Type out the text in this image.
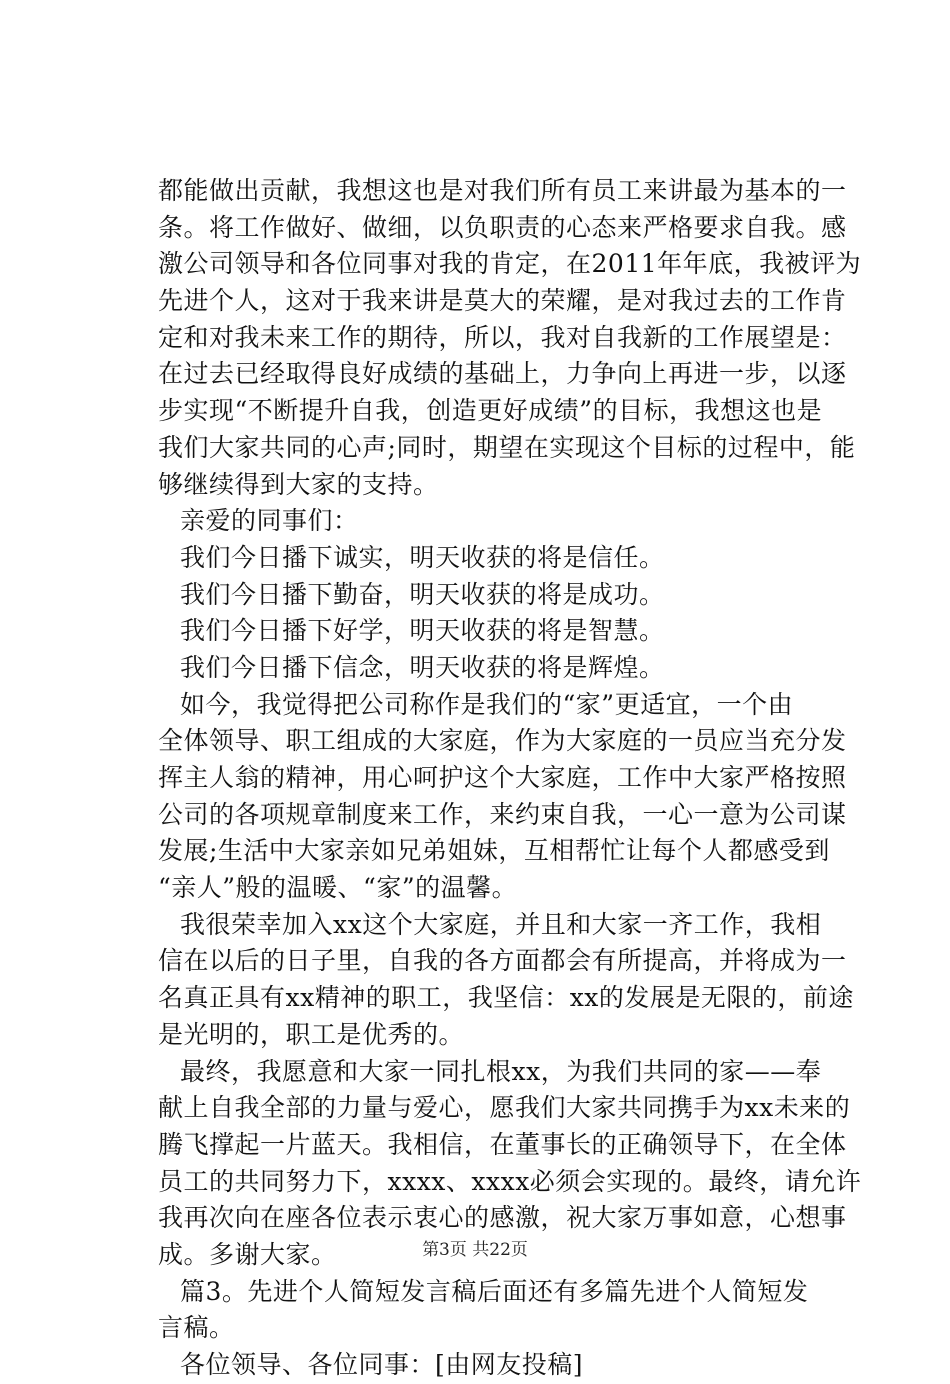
都能做出贡献，我想这也是对我们所有员工来讲最为基本的一
条。将工作做好、做细，以负职责的心态来严格要求自我。感
激公司领导和各位同事对我的肯定，在2011年年底，我被评为
先进个人，这对于我来讲是莫大的荣耀，是对我过去的工作肯
定和对我未来工作的期待，所以，我对自我新的工作展望是：
在过去已经取得良好成绩的基础上，力争向上再进一步，以逐
步实现“不断提升自我，创造更好成绩”的目标，我想这也是
我们大家共同的心声;同时，期望在实现这个目标的过程中，能
够继续得到大家的支持。
亲爱的同事们：
我们今日播下诚实，明天收获的将是信任。
我们今日播下勤奋，明天收获的将是成功。
我们今日播下好学，明天收获的将是智慧。
我们今日播下信念，明天收获的将是辉煌。
如今，我觉得把公司称作是我们的“家”更适宜，一个由
全体领导、职工组成的大家庭，作为大家庭的一员应当充分发
挥主人翁的精神，用心呵护这个大家庭，工作中大家严格按照
公司的各项规章制度来工作，来约束自我，一心一意为公司谋
发展;生活中大家亲如兄弟姐妹，互相帮忙让每个人都感受到
“亲人”般的温暖、“家”的温馨。
我很荣幸加入xx这个大家庭，并且和大家一齐工作，我相
信在以后的日子里，自我的各方面都会有所提高，并将成为一
名真正具有xx精神的职工，我坚信：xx的发展是无限的，前途
是光明的，职工是优秀的。
最终，我愿意和大家一同扎根xx，为我们共同的家——奉
献上自我全部的力量与爱心，愿我们大家共同携手为xx未来的
腾飞撑起一片蓝天。我相信，在董事长的正确领导下，在全体
员工的共同努力下，xxxx、xxxx必须会实现的。最终，请允许
我再次向在座各位表示衷心的感激，祝大家万事如意，心想事
成。多谢大家。
篇3。先进个人简短发言稿后面还有多篇先进个人简短发
言稿。
各位领导、各位同事：[由网友投稿]
第3页 共22页
